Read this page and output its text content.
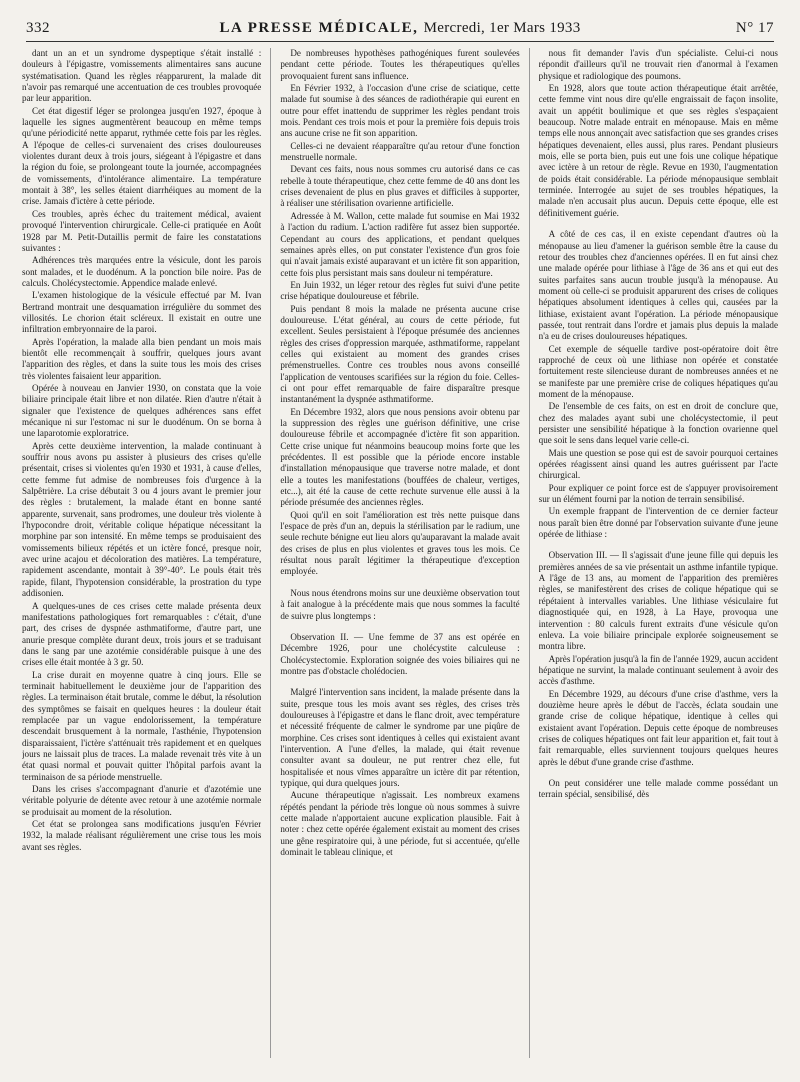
332	LA PRESSE MÉDICALE, Mercredi, 1er Mars 1933	N° 17

dant un an et un syndrome dyspeptique s'était installé : douleurs à l'épigastre, vomissements alimentaires sans aucune systématisation. Quand les règles réapparurent, la malade dit n'avoir pas remarqué une accentuation de ces troubles provoquée par leur apparition.

Cet état digestif léger se prolongea jusqu'en 1927, époque à laquelle les signes augmentèrent beaucoup en même temps qu'une périodicité nette apparut, rythmée cette fois par les règles. A l'époque de celles-ci survenaient des crises douloureuses violentes durant deux à trois jours, siégeant à l'épigastre et dans la région du foie, se prolongeant toute la journée, accompagnées de vomissements, d'intolérance alimentaire. La température montait à 38°, les selles étaient diarrhéiques au moment de la crise. Jamais d'ictère à cette période.

Ces troubles, après échec du traitement médical, avaient provoqué l'intervention chirurgicale. Celle-ci pratiquée en Août 1928 par M. Petit-Dutaillis permit de faire les constatations suivantes :

Adhérences très marquées entre la vésicule, dont les parois sont malades, et le duodénum. A la ponction bile noire. Pas de calculs. Cholécystectomie. Appendice malade enlevé.

L'examen histologique de la vésicule effectué par M. Ivan Bertrand montrait une desquamation irrégulière du sommet des villosités. Le chorion était scléreux. Il existait en outre une infiltration embryonnaire de la paroi.

Après l'opération, la malade alla bien pendant un mois mais bientôt elle recommençait à souffrir, quelques jours avant l'apparition des règles, et dans la suite tous les mois des crises très violentes faisaient leur apparition.

Opérée à nouveau en Janvier 1930, on constata que la voie biliaire principale était libre et non dilatée. Rien d'autre n'était à signaler que l'existence de quelques adhérences sans effet mécanique ni sur l'estomac ni sur le duodénum. On se borna à une laparotomie exploratrice.

Après cette deuxième intervention, la malade continuant à souffrir nous avons pu assister à plusieurs des crises qu'elle présentait, crises si violentes qu'en 1930 et 1931, à cause d'elles, cette femme fut admise de nombreuses fois d'urgence à la Salpêtrière. La crise débutait 3 ou 4 jours avant le premier jour des règles : brutalement, la malade étant en bonne santé apparente, survenait, sans prodromes, une douleur très violente à l'hypocondre droit, véritable colique hépatique nécessitant la morphine par son intensité. En même temps se produisaient des vomissements bilieux répétés et un ictère foncé, presque noir, avec urine acajou et décoloration des matières. La température, rapidement ascendante, montait à 39°-40°. Le pouls était très rapide, filant, l'hypotension considérable, la prostration du type addisonien.

A quelques-unes de ces crises cette malade présenta deux manifestations pathologiques fort remarquables : c'était, d'une part, des crises de dyspnée asthmatiforme, d'autre part, une anurie presque complète durant deux, trois jours et se traduisant dans le sang par une azotémie considérable puisque à une des crises elle était montée à 3 gr. 50.

La crise durait en moyenne quatre à cinq jours. Elle se terminait habituellement le deuxième jour de l'apparition des règles. La terminaison était brutale, comme le début, la résolution des symptômes se faisait en quelques heures : la douleur était remplacée par un vague endolorissement, la température descendait brusquement à la normale, l'asthénie, l'hypotension disparaissaient, l'ictère s'atténuait très rapidement et en quelques jours ne laissait plus de traces. La malade revenait très vite à un état quasi normal et pouvait quitter l'hôpital parfois avant la terminaison de sa période menstruelle.

Dans les crises s'accompagnant d'anurie et d'azotémie une véritable polyurie de détente avec retour à une azotémie normale se produisait au moment de la résolution.

Cet état se prolongea sans modifications jusqu'en Février 1932, la malade réalisant régulièrement une crise tous les mois avant ses règles.

De nombreuses hypothèses pathogéniques furent soulevées pendant cette période. Toutes les thérapeutiques qu'elles provoquaient furent sans influence.

En Février 1932, à l'occasion d'une crise de sciatique, cette malade fut soumise à des séances de radiothérapie qui eurent en outre pour effet inattendu de supprimer les règles pendant trois mois. Pendant ces trois mois et pour la première fois depuis trois ans aucune crise ne fit son apparition.

Celles-ci ne devaient réapparaître qu'au retour d'une fonction menstruelle normale.

Devant ces faits, nous nous sommes cru autorisé dans ce cas rebelle à toute thérapeutique, chez cette femme de 40 ans dont les crises devenaient de plus en plus graves et difficiles à supporter, à réaliser une stérilisation ovarienne artificielle.

Adressée à M. Wallon, cette malade fut soumise en Mai 1932 à l'action du radium. L'action radifère fut assez bien supportée. Cependant au cours des applications, et pendant quelques semaines après elles, on put constater l'existence d'un gros foie qui n'avait jamais existé auparavant et un ictère fit son apparition, cette fois plus persistant mais sans douleur ni température.

En Juin 1932, un léger retour des règles fut suivi d'une petite crise hépatique douloureuse et fébrile.

Puis pendant 8 mois la malade ne présenta aucune crise douloureuse. L'état général, au cours de cette période, fut excellent. Seules persistaient à l'époque présumée des anciennes règles des crises d'oppression marquée, asthmatiforme, rappelant celles qui existaient au moment des grandes crises prémenstruelles. Contre ces troubles nous avons conseillé l'application de ventouses scarifiées sur la région du foie. Celles-ci ont pour effet remarquable de faire disparaître presque instantanément la dyspnée asthmatiforme.

En Décembre 1932, alors que nous pensions avoir obtenu par la suppression des règles une guérison définitive, une crise douloureuse fébrile et accompagnée d'ictère fit son apparition. Cette crise unique fut néanmoins beaucoup moins forte que les précédentes. Il est possible que la période encore instable d'installation ménopausique que traverse notre malade, et dont elle a toutes les manifestations (bouffées de chaleur, vertiges, etc...), ait été la cause de cette rechute survenue elle aussi à la période présumée des anciennes règles.

Quoi qu'il en soit l'amélioration est très nette puisque dans l'espace de près d'un an, depuis la stérilisation par le radium, une seule rechute bénigne eut lieu alors qu'auparavant la malade avait des crises de plus en plus violentes et graves tous les mois. Ce résultat nous paraît légitimer la thérapeutique d'exception employée.

Nous nous étendrons moins sur une deuxième observation tout à fait analogue à la précédente mais que nous sommes la faculté de suivre plus longtemps :

Observation II. — Une femme de 37 ans est opérée en Décembre 1926, pour une cholécystite calculeuse : Cholécystectomie. Exploration soignée des voies biliaires qui ne montre pas d'obstacle cholédocien.

Malgré l'intervention sans incident, la malade présente dans la suite, presque tous les mois avant ses règles, des crises très douloureuses à l'épigastre et dans le flanc droit, avec température et nécessité fréquente de calmer le syndrome par une piqûre de morphine. Ces crises sont identiques à celles qui existaient avant l'intervention. A l'une d'elles, la malade, qui était revenue consulter avant sa douleur, ne put rentrer chez elle, fut hospitalisée et nous vîmes apparaître un ictère dit par rétention, typique, qui dura quelques jours.

Aucune thérapeutique n'agissait. Les nombreux examens répétés pendant la période très longue où nous sommes à suivre cette malade n'apportaient aucune explication plausible. Fait à noter : chez cette opérée également existait au moment des crises une gêne respiratoire qui, à une période, fut si accentuée, qu'elle dominait le tableau clinique, et

nous fit demander l'avis d'un spécialiste. Celui-ci nous répondit d'ailleurs qu'il ne trouvait rien d'anormal à l'examen physique et radiologique des poumons.

En 1928, alors que toute action thérapeutique était arrêtée, cette femme vint nous dire qu'elle engraissait de façon insolite, avait un appétit boulimique et que ses règles s'espaçaient beaucoup. Notre malade entrait en ménopause. Mais en même temps elle nous annonçait avec satisfaction que ses grandes crises hépatiques devenaient, elles aussi, plus rares. Pendant plusieurs mois, elle se porta bien, puis eut une fois une colique hépatique avec ictère à un retour de règle. Revue en 1930, l'augmentation de poids était considérable. La période ménopausique semblait terminée. Interrogée au sujet de ses troubles hépatiques, la malade n'en accusait plus aucun. Depuis cette époque, elle est définitivement guérie.

A côté de ces cas, il en existe cependant d'autres où la ménopause au lieu d'amener la guérison semble être la cause du retour des troubles chez d'anciennes opérées. Il en fut ainsi chez une malade opérée pour lithiase à l'âge de 36 ans et qui eut des suites parfaites sans aucun trouble jusqu'à la ménopause. Au moment où celle-ci se produisit apparurent des crises de coliques hépatiques absolument identiques à celles qui, causées par la lithiase, existaient avant l'opération. La période ménopausique passée, tout rentrait dans l'ordre et jamais plus depuis la malade n'a eu de crises douloureuses hépatiques.

Cet exemple de séquelle tardive post-opératoire doit être rapproché de ceux où une lithiase non opérée et constatée fortuitement reste silencieuse durant de nombreuses années et ne se manifeste par une première crise de coliques hépatiques qu'au moment de la ménopause.

De l'ensemble de ces faits, on est en droit de conclure que, chez des malades ayant subi une cholécystectomie, il peut persister une sensibilité hépatique à la fonction ovarienne quel que soit le sens dans lequel varie celle-ci.

Mais une question se pose qui est de savoir pourquoi certaines opérées réagissent ainsi quand les autres guérissent par l'acte chirurgical.

Pour expliquer ce point force est de s'appuyer provisoirement sur un élément fourni par la notion de terrain sensibilisé.

Un exemple frappant de l'intervention de ce dernier facteur nous paraît bien être donné par l'observation suivante d'une jeune opérée de lithiase :

Observation III. — Il s'agissait d'une jeune fille qui depuis les premières années de sa vie présentait un asthme infantile typique. A l'âge de 13 ans, au moment de l'apparition des premières règles, se manifestèrent des crises de colique hépatique qui se répétaient à intervalles variables. Une lithiase vésiculaire fut diagnostiquée qui, en 1928, à La Haye, provoqua une intervention : 80 calculs furent extraits d'une vésicule qu'on enleva. La voie biliaire principale explorée soigneusement se montra libre.

Après l'opération jusqu'à la fin de l'année 1929, aucun accident hépatique ne survint, la malade continuant seulement à avoir des accès d'asthme.

En Décembre 1929, au décours d'une crise d'asthme, vers la douzième heure après le début de l'accès, éclata soudain une grande crise de colique hépatique, identique à celles qui existaient avant l'opération. Depuis cette époque de nombreuses crises de coliques hépatiques ont fait leur apparition et, fait tout à fait remarquable, elles surviennent toujours quelques heures après le début d'une grande crise d'asthme.

On peut considérer une telle malade comme possédant un terrain spécial, sensibilisé, dès
